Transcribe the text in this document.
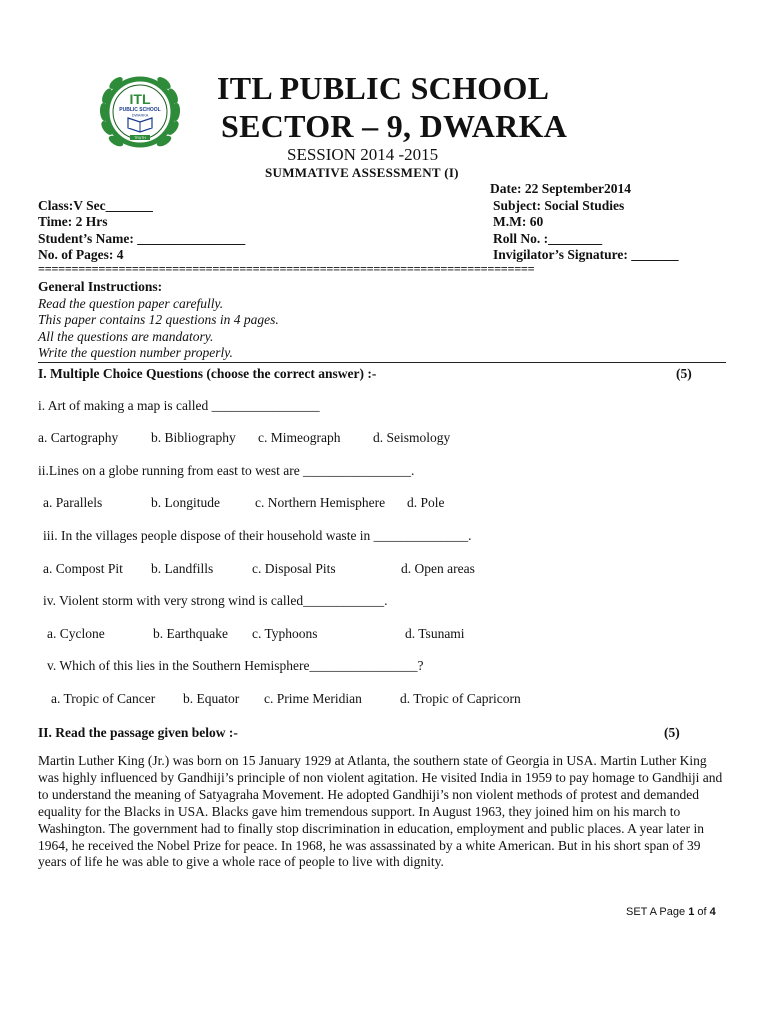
TRUTH
ITL
PUBLIC SCHOOL
DWARKA
ITL PUBLIC SCHOOL
SECTOR – 9, DWARKA
SESSION 2014 -2015
SUMMATIVE ASSESSMENT (I)
Date: 22 September2014
Class:V Sec_______	Subject: Social Studies
Time: 2 Hrs	M.M: 60
Student’s Name: ________________	Roll No. :________
No. of Pages: 4	Invigilator’s Signature: _______
==========================================================================
General Instructions:
Read the question paper carefully.
This paper contains 12 questions in 4 pages.
All the questions are mandatory.
Write the question number properly.
I. Multiple Choice Questions (choose the correct answer) :-	(5)
i. Art of making a map is called ________________
a. Cartography b. Bibliography c. Mimeograph d. Seismology
ii.Lines on a globe running from east to west are ________________.
a. Parallels	b. Longitude	c. Northern Hemisphere d. Pole
iii. In the villages people dispose of their household waste in ______________.
a. Compost Pit b. Landfills	c. Disposal Pits	d. Open areas
iv. Violent storm with very strong wind is called____________.
a. Cyclone	b. Earthquake c. Typhoons	d. Tsunami
v. Which of this lies in the Southern Hemisphere________________?
a. Tropic of Cancer b. Equator c. Prime Meridian	d. Tropic of Capricorn
II. Read the passage given below :-	(5)
Martin Luther King (Jr.) was born on 15 January 1929 at Atlanta, the southern state of Georgia in USA. Martin Luther King was highly influenced by Gandhiji’s principle of non violent agitation. He visited India in 1959 to pay homage to Gandhiji and to understand the meaning of Satyagraha Movement. He adopted Gandhiji’s non violent methods of protest and demanded equality for the Blacks in USA. Blacks gave him tremendous support. In August 1963, they joined him on his march to Washington. The government had to finally stop discrimination in education, employment and public places. A year later in 1964, he received the Nobel Prize for peace. In 1968, he was assassinated by a white American. But in his short span of 39 years of life he was able to give a whole race of people to live with dignity.
SET A Page 1 of 4
